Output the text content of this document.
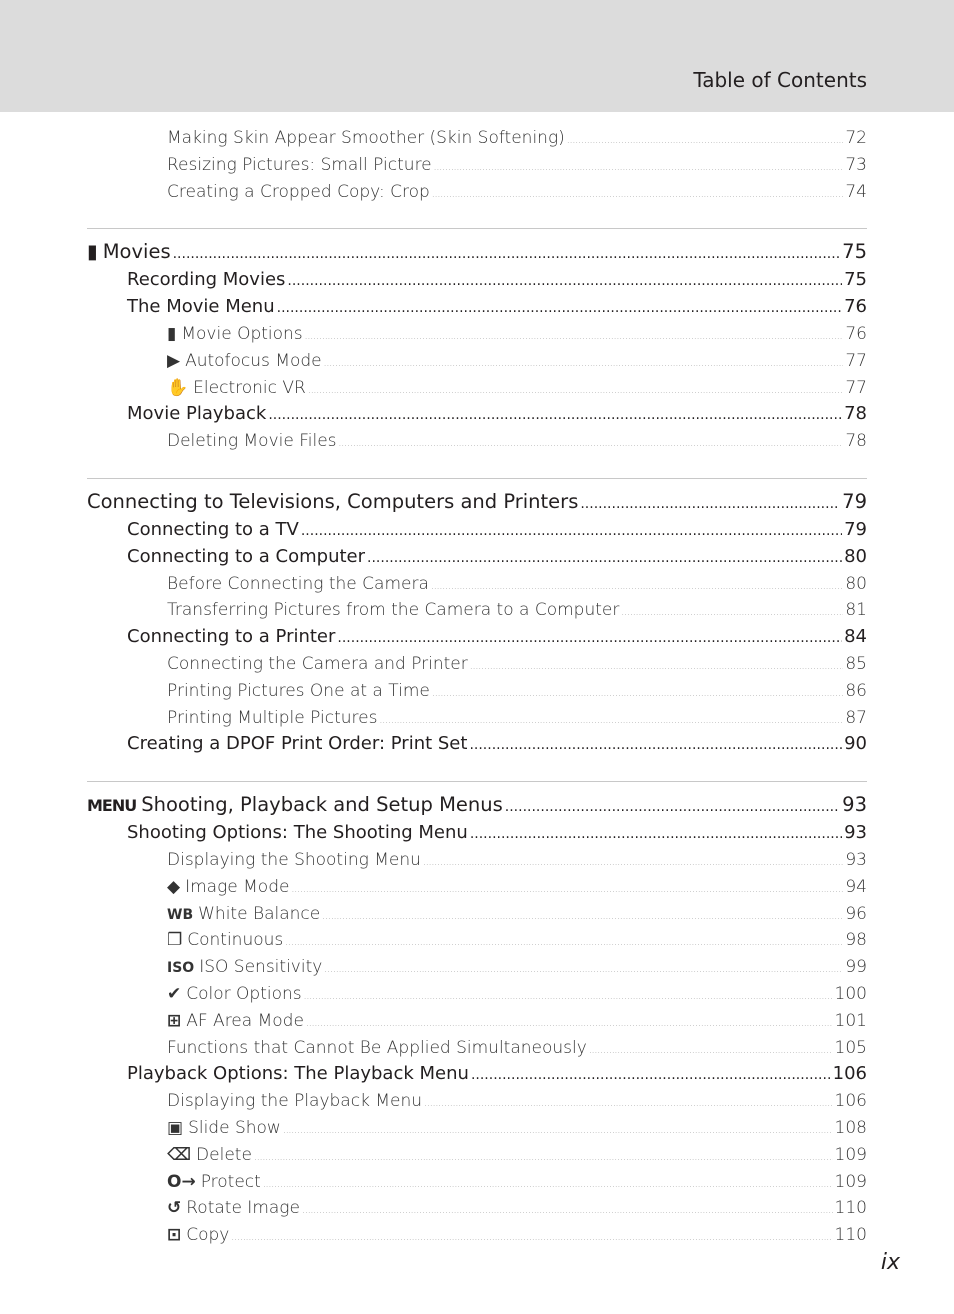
Table of Contents
Making Skin Appear Smoother (Skin Softening) .....	72
Resizing Pictures: Small Picture .....	73
Creating a Cropped Copy: Crop .....	74
▮ Movies .....	75
Recording Movies .....	75
The Movie Menu .....	76
▮ Movie Options .....	76
▶ Autofocus Mode .....	77
✋ Electronic VR .....	77
Movie Playback .....	78
Deleting Movie Files .....	78
Connecting to Televisions, Computers and Printers .....	79
Connecting to a TV .....	79
Connecting to a Computer .....	80
Before Connecting the Camera .....	80
Transferring Pictures from the Camera to a Computer .....	81
Connecting to a Printer .....	84
Connecting the Camera and Printer .....	85
Printing Pictures One at a Time .....	86
Printing Multiple Pictures .....	87
Creating a DPOF Print Order: Print Set .....	90
MENU Shooting, Playback and Setup Menus .....	93
Shooting Options: The Shooting Menu .....	93
Displaying the Shooting Menu .....	93
◆ Image Mode .....	94
WB White Balance .....	96
❐ Continuous .....	98
ISO ISO Sensitivity .....	99
✔ Color Options .....	100
⊞ AF Area Mode .....	101
Functions that Cannot Be Applied Simultaneously .....	105
Playback Options: The Playback Menu .....	106
Displaying the Playback Menu .....	106
▣ Slide Show .....	108
⌫ Delete .....	109
O→ Protect .....	109
↺ Rotate Image .....	110
⊡ Copy .....	110
ix
